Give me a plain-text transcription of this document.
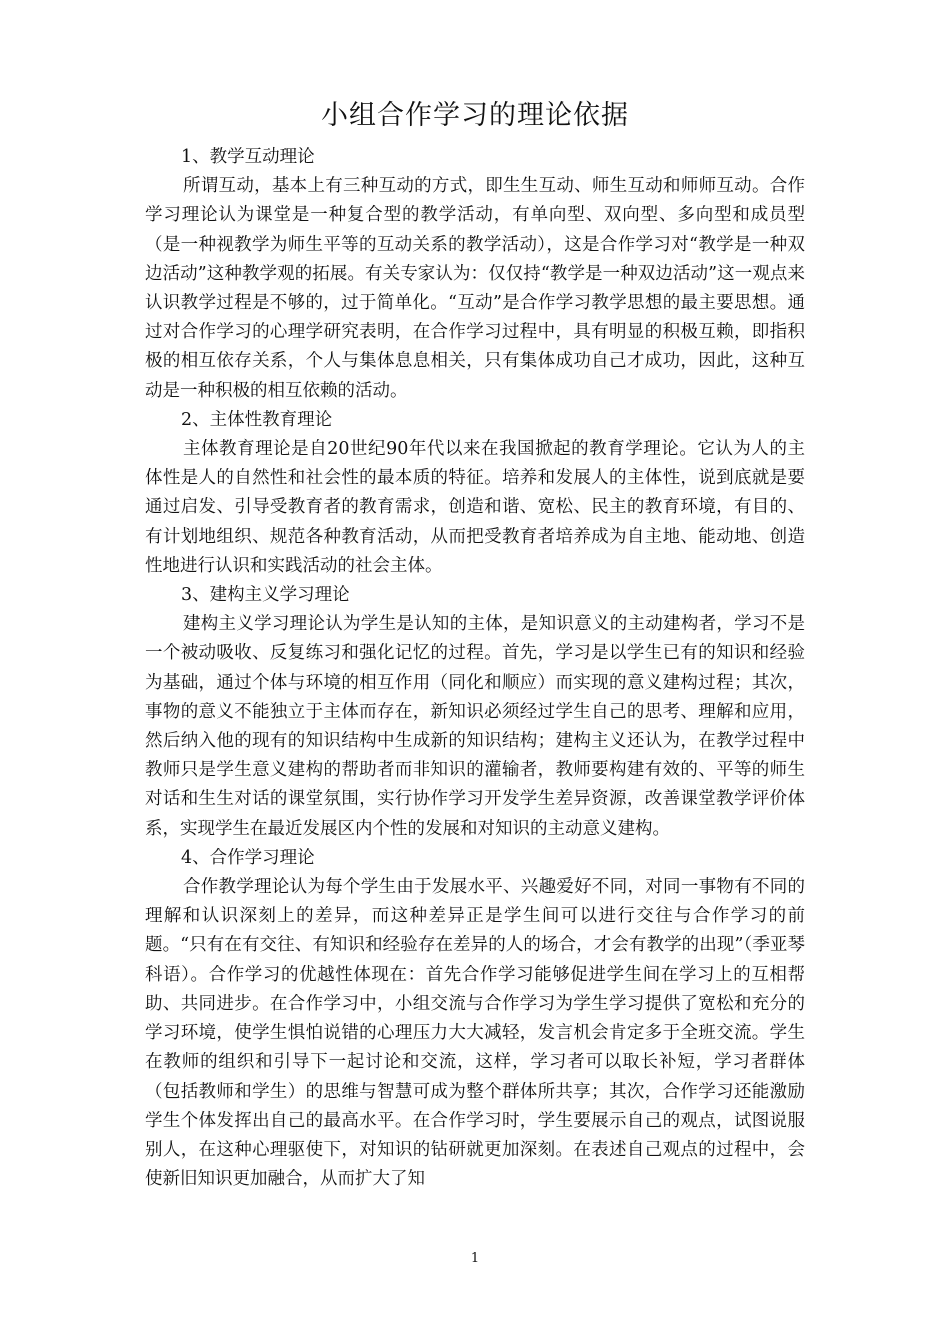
小组合作学习的理论依据

1、教学互动理论

所谓互动，基本上有三种互动的方式，即生生互动、师生互动和师师互动。合作学习理论认为课堂是一种复合型的教学活动，有单向型、双向型、多向型和成员型（是一种视教学为师生平等的互动关系的教学活动），这是合作学习对“教学是一种双边活动”这种教学观的拓展。有关专家认为：仅仅持“教学是一种双边活动”这一观点来认识教学过程是不够的，过于简单化。“互动”是合作学习教学思想的最主要思想。通过对合作学习的心理学研究表明，在合作学习过程中，具有明显的积极互赖，即指积极的相互依存关系，个人与集体息息相关，只有集体成功自己才成功，因此，这种互动是一种积极的相互依赖的活动。

2、主体性教育理论

主体教育理论是自20世纪90年代以来在我国掀起的教育学理论。它认为人的主体性是人的自然性和社会性的最本质的特征。培养和发展人的主体性，说到底就是要通过启发、引导受教育者的教育需求，创造和谐、宽松、民主的教育环境，有目的、有计划地组织、规范各种教育活动，从而把受教育者培养成为自主地、能动地、创造性地进行认识和实践活动的社会主体。

3、建构主义学习理论

建构主义学习理论认为学生是认知的主体，是知识意义的主动建构者，学习不是一个被动吸收、反复练习和强化记忆的过程。首先，学习是以学生已有的知识和经验为基础，通过个体与环境的相互作用（同化和顺应）而实现的意义建构过程；其次，事物的意义不能独立于主体而存在，新知识必须经过学生自己的思考、理解和应用，然后纳入他的现有的知识结构中生成新的知识结构；建构主义还认为，在教学过程中教师只是学生意义建构的帮助者而非知识的灌输者，教师要构建有效的、平等的师生对话和生生对话的课堂氛围，实行协作学习开发学生差异资源，改善课堂教学评价体系，实现学生在最近发展区内个性的发展和对知识的主动意义建构。

4、合作学习理论

合作教学理论认为每个学生由于发展水平、兴趣爱好不同，对同一事物有不同的理解和认识深刻上的差异，而这种差异正是学生间可以进行交往与合作学习的前题。“只有在有交往、有知识和经验存在差异的人的场合，才会有教学的出现”（季亚琴科语）。合作学习的优越性体现在：首先合作学习能够促进学生间在学习上的互相帮助、共同进步。在合作学习中，小组交流与合作学习为学生学习提供了宽松和充分的学习环境，使学生惧怕说错的心理压力大大减轻，发言机会肯定多于全班交流。学生在教师的组织和引导下一起讨论和交流，这样，学习者可以取长补短，学习者群体（包括教师和学生）的思维与智慧可成为整个群体所共享；其次，合作学习还能激励学生个体发挥出自己的最高水平。在合作学习时，学生要展示自己的观点，试图说服别人，在这种心理驱使下，对知识的钻研就更加深刻。在表述自己观点的过程中，会使新旧知识更加融合，从而扩大了知

1
